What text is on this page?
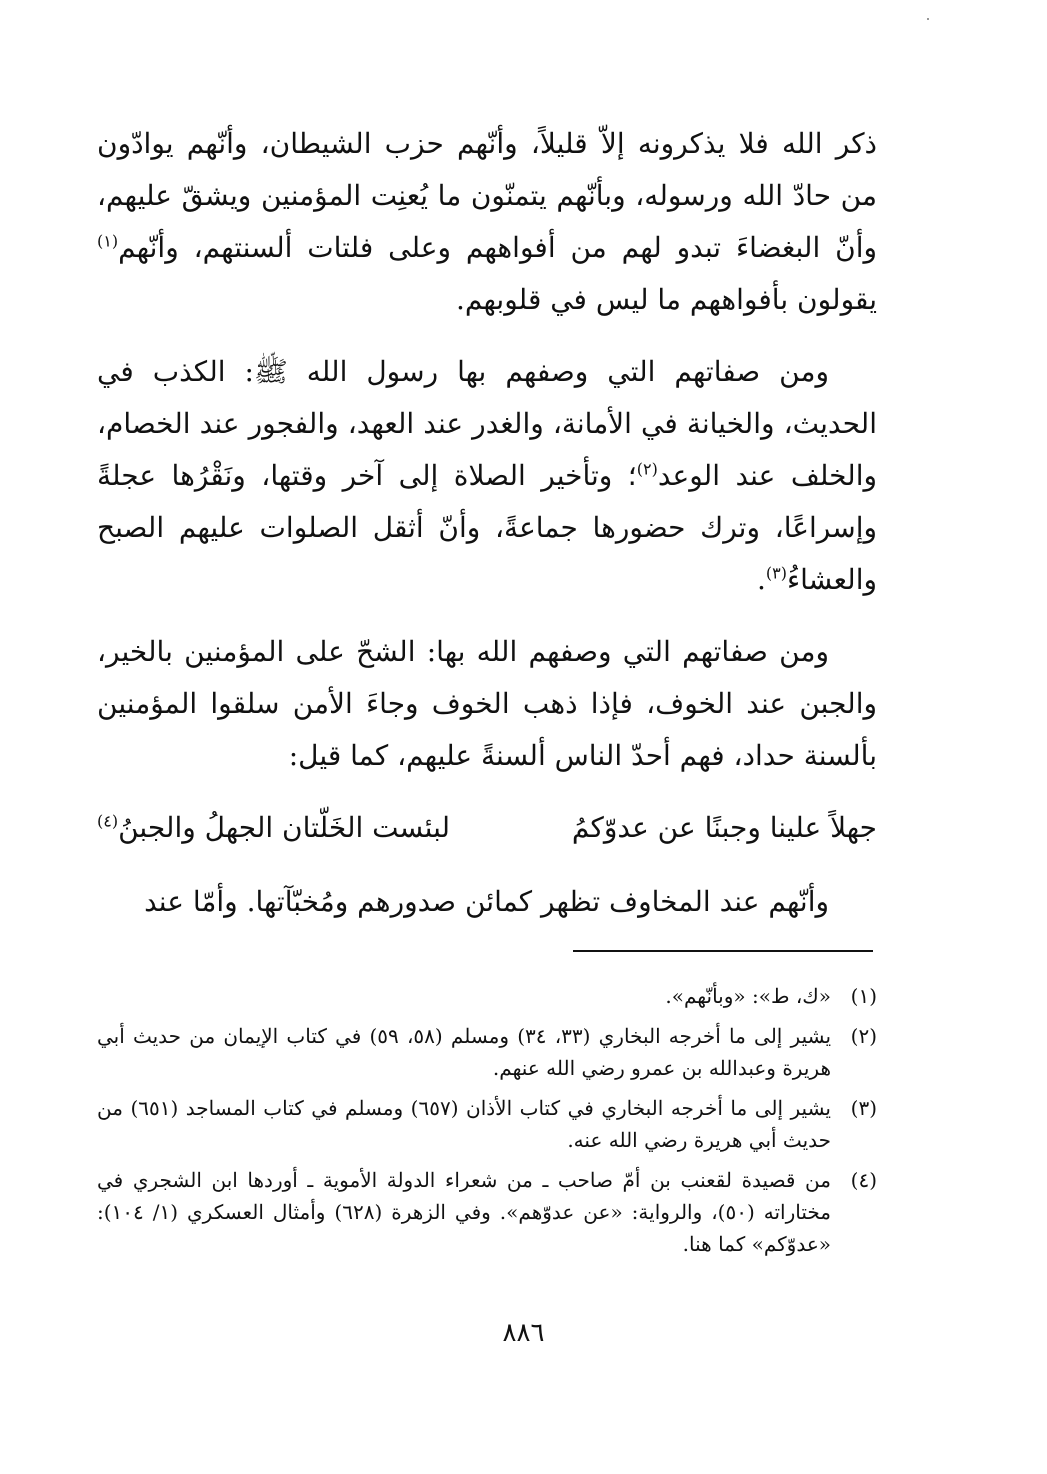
ذكر الله فلا يذكرونه إلاّ قليلاً، وأنّهم حزب الشيطان، وأنّهم يوادّون من حادّ الله ورسوله، وبأنّهم يتمنّون ما يُعنِت المؤمنين ويشقّ عليهم، وأنّ البغضاءَ تبدو لهم من أفواههم وعلى فلتات ألسنتهم، وأنّهم$^{(١)}$ يقولون بأفواههم ما ليس في قلوبهم.

ومن صفاتهم التي وصفهم بها رسول الله ﷺ: الكذب في الحديث، والخيانة في الأمانة، والغدر عند العهد، والفجور عند الخصام، والخلف عند الوعد$^{(٢)}$؛ وتأخير الصلاة إلى آخر وقتها، ونَقْرُها عجلةً وإسراعًا، وترك حضورها جماعةً، وأنّ أثقل الصلوات عليهم الصبح والعشاءُ$^{(٣)}$.

ومن صفاتهم التي وصفهم الله بها: الشحّ على المؤمنين بالخير، والجبن عند الخوف، فإذا ذهب الخوف وجاءَ الأمن سلقوا المؤمنين بألسنة حداد، فهم أحدّ الناس ألسنةً عليهم، كما قيل:

جهلاً علينا وجبنًا عن عدوّكمُ
لبئست الخَلّتان الجهلُ والجبنُ$^{(٤)}$

وأنّهم عند المخاوف تظهر كمائن صدورهم ومُخبّآتها. وأمّا عند

(١)
«ك، ط»: «وبأنّهم».
(٢)
يشير إلى ما أخرجه البخاري (٣٣، ٣٤) ومسلم (٥٨، ٥٩) في كتاب الإيمان من حديث أبي هريرة وعبدالله بن عمرو رضي الله عنهم.
(٣)
يشير إلى ما أخرجه البخاري في كتاب الأذان (٦٥٧) ومسلم في كتاب المساجد (٦٥١) من حديث أبي هريرة رضي الله عنه.
(٤)
من قصيدة لقعنب بن أمّ صاحب ـ من شعراء الدولة الأموية ـ أوردها ابن الشجري في مختاراته (٥٠)، والرواية: «عن عدوّهم». وفي الزهرة (٦٢٨) وأمثال العسكري (١/ ١٠٤): «عدوّكم» كما هنا.
٨٨٦
